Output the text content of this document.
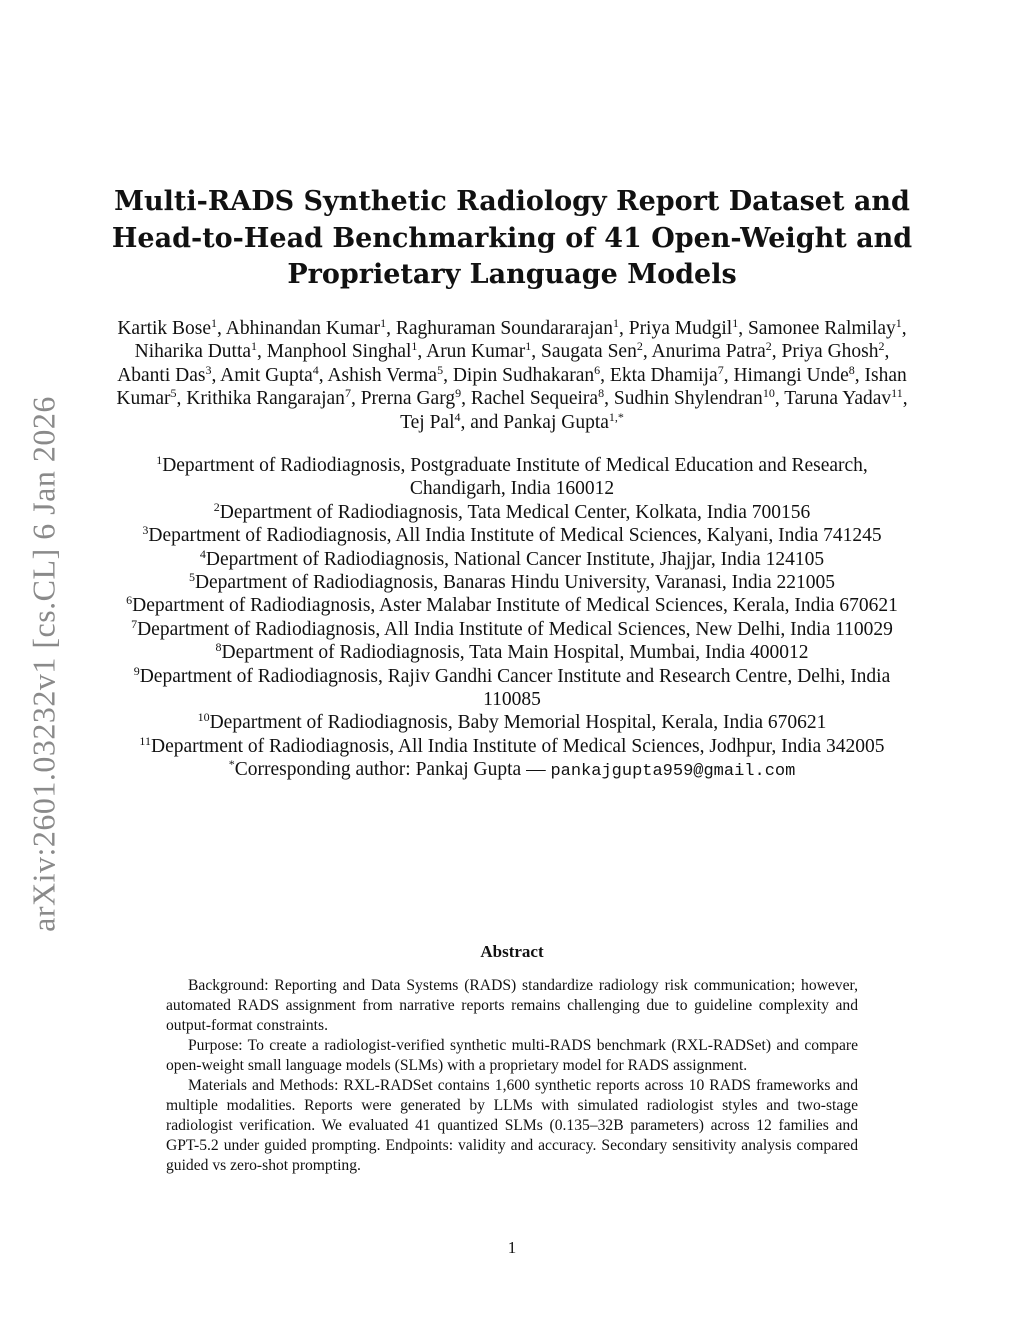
arXiv:2601.03232v1 [cs.CL] 6 Jan 2026
Multi-RADS Synthetic Radiology Report Dataset and Head-to-Head Benchmarking of 41 Open-Weight and Proprietary Language Models
Kartik Bose$^1$, Abhinandan Kumar$^1$, Raghuraman Soundararajan$^1$, Priya Mudgil$^1$, Samonee Ralmilay$^1$, Niharika Dutta$^1$, Manphool Singhal$^1$, Arun Kumar$^1$, Saugata Sen$^2$, Anurima Patra$^2$, Priya Ghosh$^2$, Abanti Das$^3$, Amit Gupta$^4$, Ashish Verma$^5$, Dipin Sudhakaran$^6$, Ekta Dhamija$^7$, Himangi Unde$^8$, Ishan Kumar$^5$, Krithika Rangarajan$^7$, Prerna Garg$^9$, Rachel Sequeira$^8$, Sudhin Shylendran$^{10}$, Taruna Yadav$^{11}$, Tej Pal$^4$, and Pankaj Gupta$^{1,*}$
$^1$Department of Radiodiagnosis, Postgraduate Institute of Medical Education and Research, Chandigarh, India 160012
$^2$Department of Radiodiagnosis, Tata Medical Center, Kolkata, India 700156
$^3$Department of Radiodiagnosis, All India Institute of Medical Sciences, Kalyani, India 741245
$^4$Department of Radiodiagnosis, National Cancer Institute, Jhajjar, India 124105
$^5$Department of Radiodiagnosis, Banaras Hindu University, Varanasi, India 221005
$^6$Department of Radiodiagnosis, Aster Malabar Institute of Medical Sciences, Kerala, India 670621
$^7$Department of Radiodiagnosis, All India Institute of Medical Sciences, New Delhi, India 110029
$^8$Department of Radiodiagnosis, Tata Main Hospital, Mumbai, India 400012
$^9$Department of Radiodiagnosis, Rajiv Gandhi Cancer Institute and Research Centre, Delhi, India 110085
$^{10}$Department of Radiodiagnosis, Baby Memorial Hospital, Kerala, India 670621
$^{11}$Department of Radiodiagnosis, All India Institute of Medical Sciences, Jodhpur, India 342005
*Corresponding author: Pankaj Gupta — pankajgupta959@gmail.com
Abstract

Background: Reporting and Data Systems (RADS) standardize radiology risk communication; however, automated RADS assignment from narrative reports remains challenging due to guideline complexity and output-format constraints.

Purpose: To create a radiologist-verified synthetic multi-RADS benchmark (RXL-RADSet) and compare open-weight small language models (SLMs) with a proprietary model for RADS assignment.

Materials and Methods: RXL-RADSet contains 1,600 synthetic reports across 10 RADS frameworks and multiple modalities. Reports were generated by LLMs with simulated radiologist styles and two-stage radiologist verification. We evaluated 41 quantized SLMs (0.135–32B parameters) across 12 families and GPT-5.2 under guided prompting. Endpoints: validity and accuracy. Secondary sensitivity analysis compared guided vs zero-shot prompting.

1
